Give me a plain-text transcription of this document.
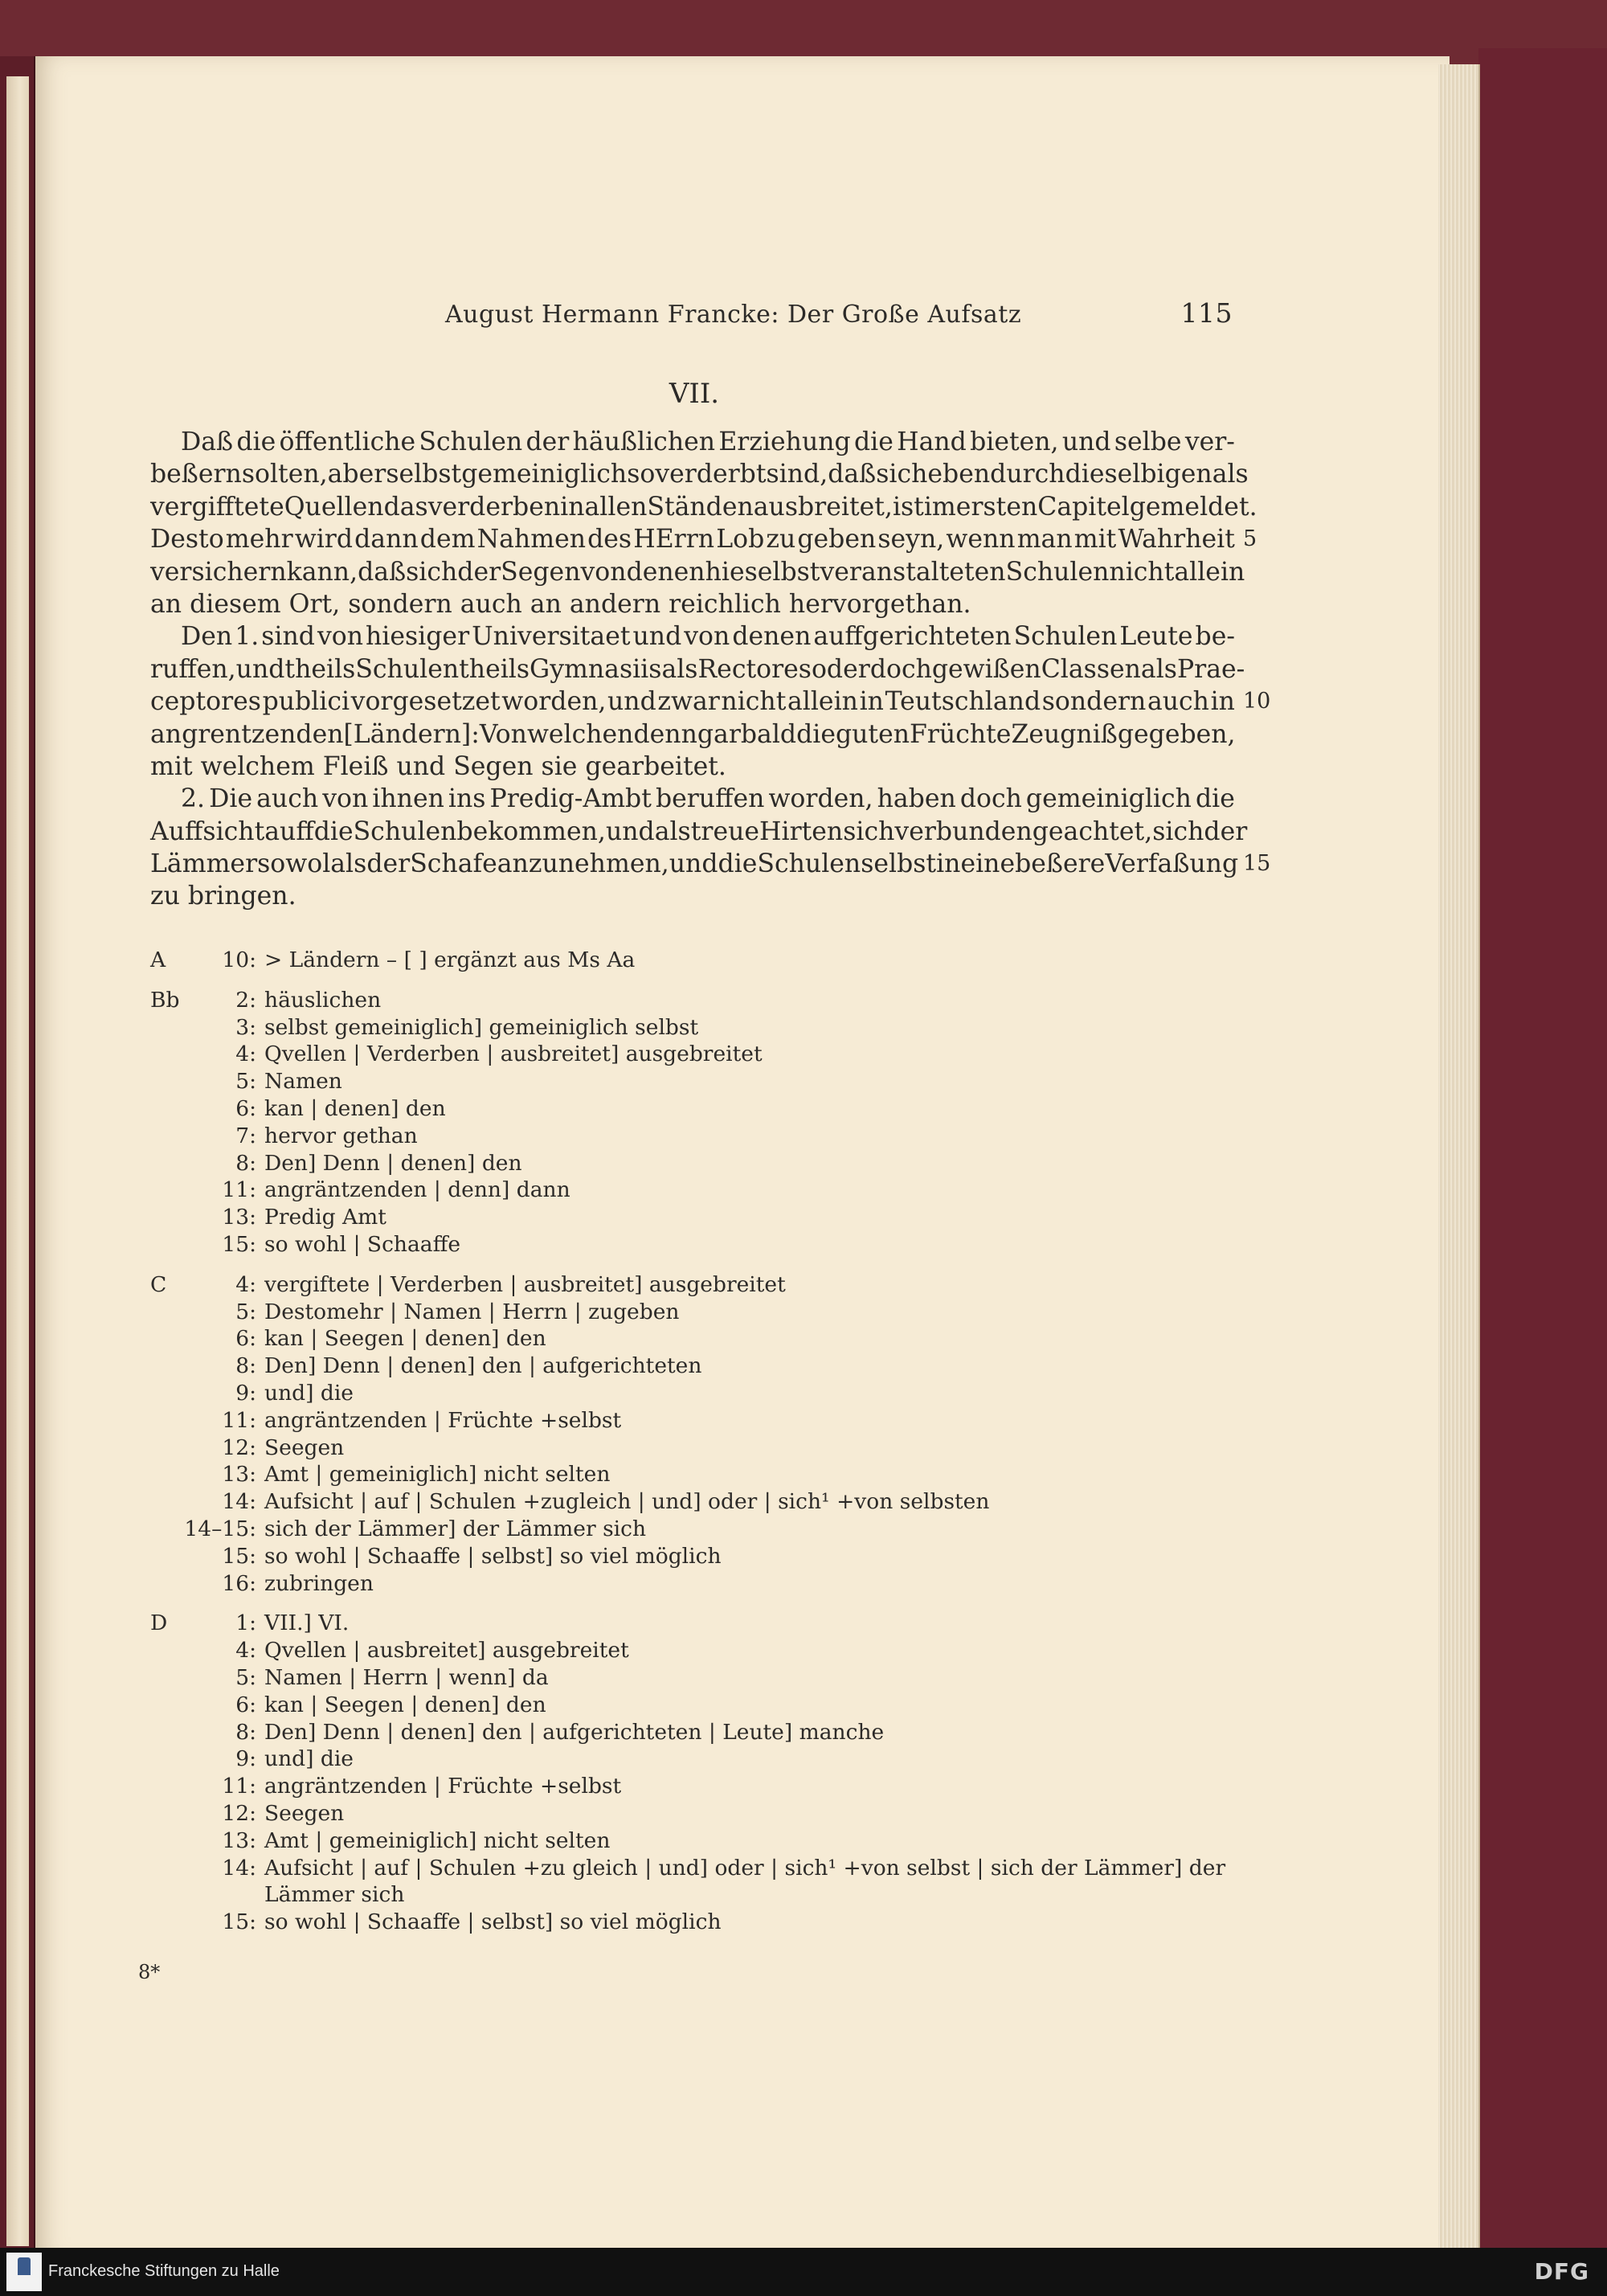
August Hermann Francke: Der Große Aufsatz	115
VII.
Daß die öffentliche Schulen der häußlichen Erziehung die Hand bieten, und selbe ver-
beßern solten, aber selbst gemeiniglich so verderbt sind, daß sich eben durch dieselbigen als
vergifftete Quellen das verderben in allen Ständen ausbreitet, ist im ersten Capitel gemeldet.
Desto mehr wird dann dem Nahmen des HErrn Lob zu geben seyn, wenn man mit Wahrheit 5
versichern kann, daß sich der Segen von denen hieselbst veranstalteten Schulen nicht allein
an diesem Ort, sondern auch an andern reichlich hervorgethan.
Den 1. sind von hiesiger Universitaet und von denen auffgerichteten Schulen Leute be-
ruffen, und theils Schulen theils Gymnasiis als Rectores oder doch gewißen Classen als Prae-
ceptores publici vorgesetzet worden, und zwar nicht allein in Teutschland sondern auch in 10
angrentzenden [Ländern]: Von welchen denn gar bald die guten Früchte Zeugniß gegeben,
mit welchem Fleiß und Segen sie gearbeitet.
2. Die auch von ihnen ins Predig-Ambt beruffen worden, haben doch gemeiniglich die
Auffsicht auff die Schulen bekommen, und als treue Hirten sich verbunden geachtet, sich der
Lämmer sowol als der Schafe anzunehmen, und die Schulen selbst in eine beßere Verfaßung 15
zu bringen.
A	10: > Ländern – [ ] ergänzt aus Ms Aa
Bb	2: häuslichen
3: selbst gemeiniglich] gemeiniglich selbst
4: Qvellen | Verderben | ausbreitet] ausgebreitet
5: Namen
6: kan | denen] den
7: hervor gethan
8: Den] Denn | denen] den
11: angräntzenden | denn] dann
13: Predig Amt
15: so wohl | Schaaffe
C	4: vergiftete | Verderben | ausbreitet] ausgebreitet
5: Destomehr | Namen | Herrn | zugeben
6: kan | Seegen | denen] den
8: Den] Denn | denen] den | aufgerichteten
9: und] die
11: angräntzenden | Früchte +selbst
12: Seegen
13: Amt | gemeiniglich] nicht selten
14: Aufsicht | auf | Schulen +zugleich | und] oder | sich¹ +von selbsten
14–15: sich der Lämmer] der Lämmer sich
15: so wohl | Schaaffe | selbst] so viel möglich
16: zubringen
D	1: VII.] VI.
4: Qvellen | ausbreitet] ausgebreitet
5: Namen | Herrn | wenn] da
6: kan | Seegen | denen] den
8: Den] Denn | denen] den | aufgerichteten | Leute] manche
9: und] die
11: angräntzenden | Früchte +selbst
12: Seegen
13: Amt | gemeiniglich] nicht selten
14: Aufsicht | auf | Schulen +zu gleich | und] oder | sich¹ +von selbst | sich der Lämmer] der
Lämmer sich
15: so wohl | Schaaffe | selbst] so viel möglich
8*
Franckesche Stiftungen zu Halle	DFG
